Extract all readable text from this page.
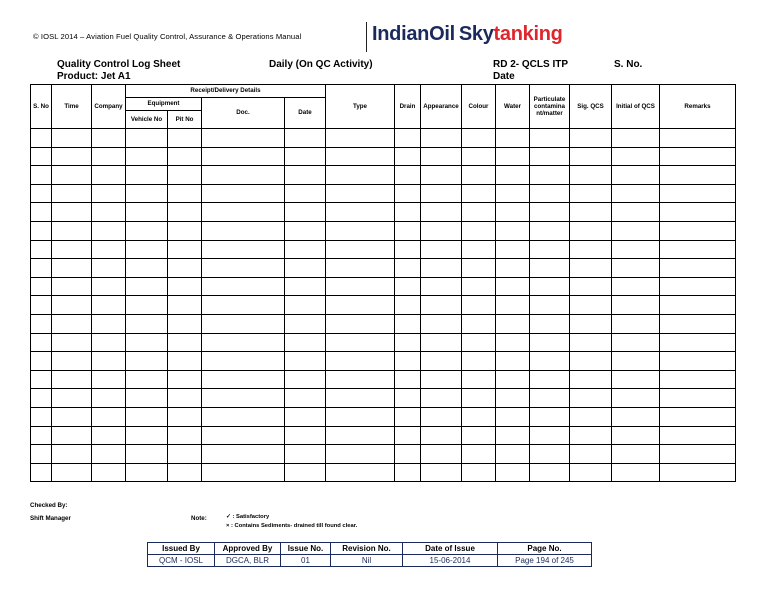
© IOSL 2014 – Aviation Fuel Quality Control, Assurance & Operations Manual	IndianOil Skytanking
Quality Control Log Sheet	Daily (On QC Activity)	RD 2- QCLS ITP	S. No.
Product: Jet A1	Date
S. No	Time	Company	Receipt/Delivery Details				Type	Drain	Appearance	Colour	Water	Particulate contamina nt/matter	Sig. QCS	Initial of QCS	Remarks
			Equipment		Doc.	Date									
			Vehicle No	Pit No											

Checked By:
Shift Manager	Note:	✓ : Satisfactory
× : Contains Sediments- drained till found clear.
Issued By	Approved By	Issue No.	Revision No.	Date of Issue	Page No.
QCM - IOSL	DGCA, BLR	01	Nil	15-06-2014	Page 194 of 245
